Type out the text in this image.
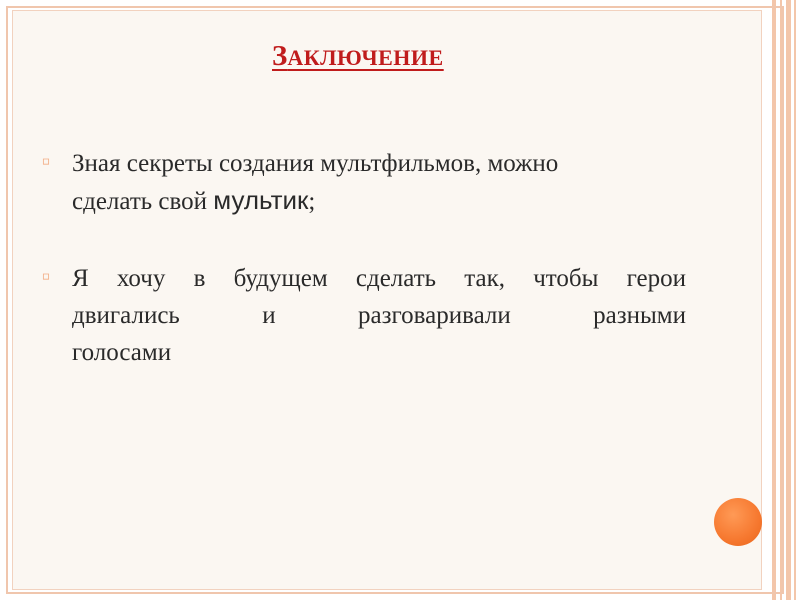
ЗАКЛЮЧЕНИЕ
⸋ Зная секреты создания мультфильмов, можно
сделать свой мультик;
⸋ Я хочу в будущем сделать так, чтобы герои
двигались и разговаривали разными
голосами
